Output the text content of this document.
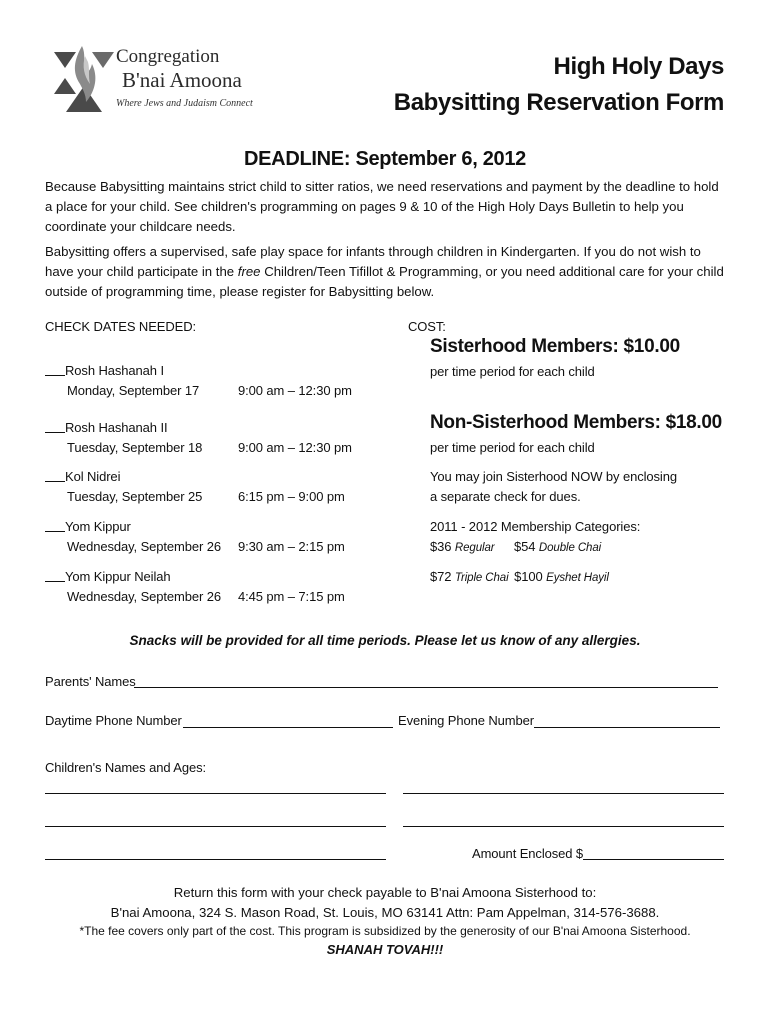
Congregation
B'nai Amoona
Where Jews and Judaism Connect
High Holy Days
Babysitting Reservation Form
DEADLINE: September 6, 2012
Because Babysitting maintains strict child to sitter ratios, we need reservations and payment by the deadline to hold a place for your child. See children's programming on pages 9 & 10 of the High Holy Days Bulletin to help you coordinate your childcare needs.
Babysitting offers a supervised, safe play space for infants through children in Kindergarten. If you do not wish to have your child participate in the free Children/Teen Tifillot & Programming, or you need additional care for your child outside of programming time, please register for Babysitting below.
CHECK DATES NEEDED:	COST:
Rosh Hashanah I
Monday, September 17	9:00 am – 12:30 pm
Rosh Hashanah II
Tuesday, September 18	9:00 am – 12:30 pm
Kol Nidrei
Tuesday, September 25	6:15 pm – 9:00 pm
Yom Kippur
Wednesday, September 26 9:30 am – 2:15 pm
Yom Kippur Neilah
Wednesday, September 26 4:45 pm – 7:15 pm
Sisterhood Members: $10.00
per time period for each child
Non-Sisterhood Members: $18.00
per time period for each child
You may join Sisterhood NOW by enclosing
a separate check for dues.
2011 - 2012 Membership Categories:
$36 Regular $54 Double Chai
$72 Triple Chai $100 Eyshet Hayil
Snacks will be provided for all time periods. Please let us know of any allergies.
Parents' Names
Daytime Phone Number	Evening Phone Number
Children's Names and Ages:
Amount Enclosed $
Return this form with your check payable to B'nai Amoona Sisterhood to:
B'nai Amoona, 324 S. Mason Road, St. Louis, MO 63141 Attn: Pam Appelman, 314-576-3688.
*The fee covers only part of the cost. This program is subsidized by the generosity of our B'nai Amoona Sisterhood.
SHANAH TOVAH!!!
